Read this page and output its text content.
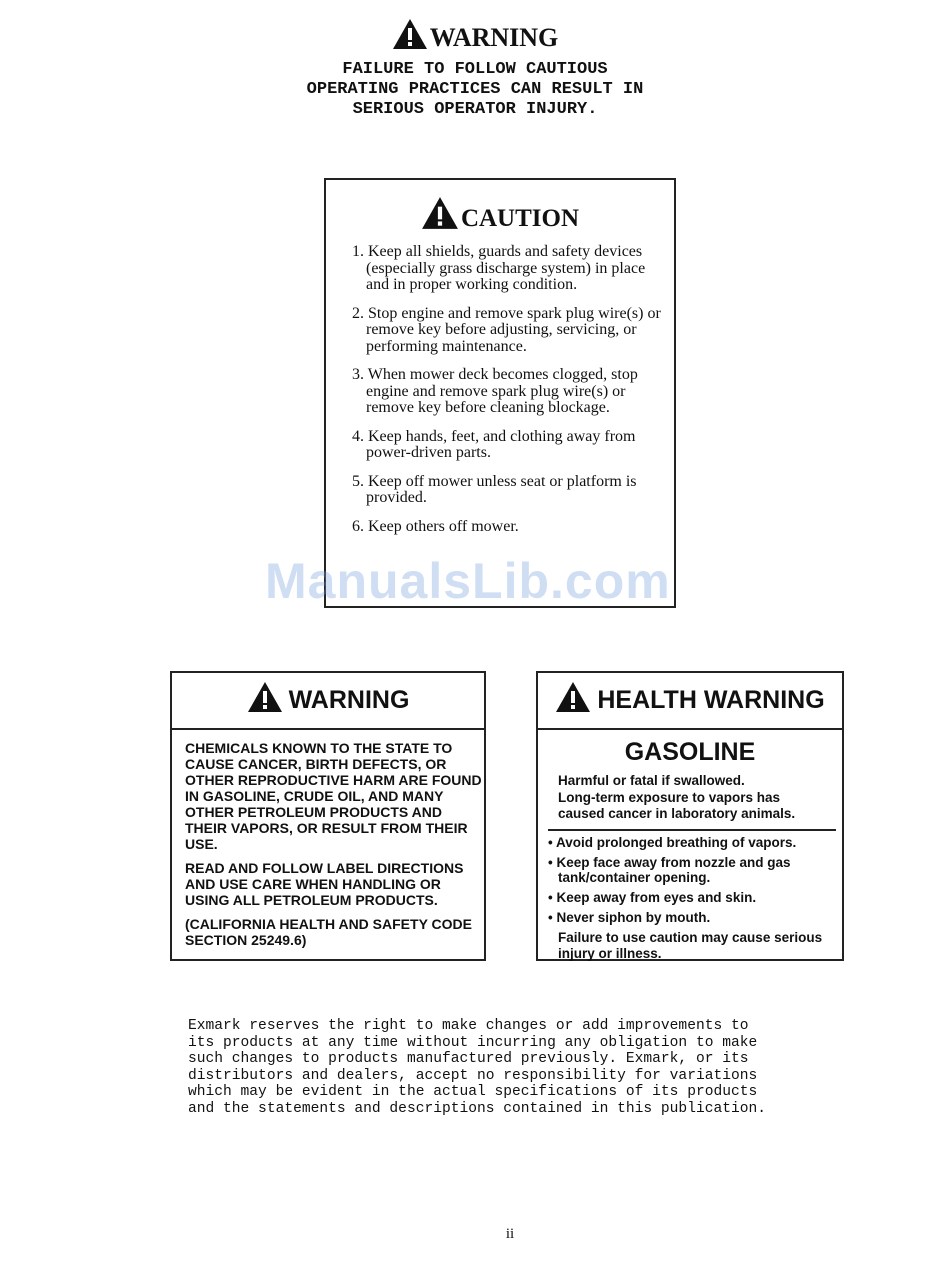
WARNING
FAILURE TO FOLLOW CAUTIOUS
OPERATING PRACTICES CAN RESULT IN
SERIOUS OPERATOR INJURY.
CAUTION
1. Keep all shields, guards and safety devices (especially grass discharge system) in place and in proper working condition.
2. Stop engine and remove spark plug wire(s) or remove key before adjusting, servicing, or performing maintenance.
3. When mower deck becomes clogged, stop engine and remove spark plug wire(s) or remove key before cleaning blockage.
4. Keep hands, feet, and clothing away from power-driven parts.
5. Keep off mower unless seat or platform is provided.
6. Keep others off mower.
ManualsLib.com
WARNING

CHEMICALS KNOWN TO THE STATE TO CAUSE CANCER, BIRTH DEFECTS, OR OTHER REPRODUCTIVE HARM ARE FOUND IN GASOLINE, CRUDE OIL, AND MANY OTHER PETROLEUM PRODUCTS AND THEIR VAPORS, OR RESULT FROM THEIR USE.

READ AND FOLLOW LABEL DIRECTIONS AND USE CARE WHEN HANDLING OR USING ALL PETROLEUM PRODUCTS.

(CALIFORNIA HEALTH AND SAFETY CODE SECTION 25249.6)

HEALTH WARNING
GASOLINE
Harmful or fatal if swallowed.
Long-term exposure to vapors has
caused cancer in laboratory animals.
• Avoid prolonged breathing of vapors.
• Keep face away from nozzle and gas tank/container opening.
• Keep away from eyes and skin.
• Never siphon by mouth.
Failure to use caution may cause serious injury or illness.
Exmark reserves the right to make changes or add improvements to
its products at any time without incurring any obligation to make
such changes to products manufactured previously. Exmark, or its
distributors and dealers, accept no responsibility for variations
which may be evident in the actual specifications of its products
and the statements and descriptions contained in this publication.
ii
